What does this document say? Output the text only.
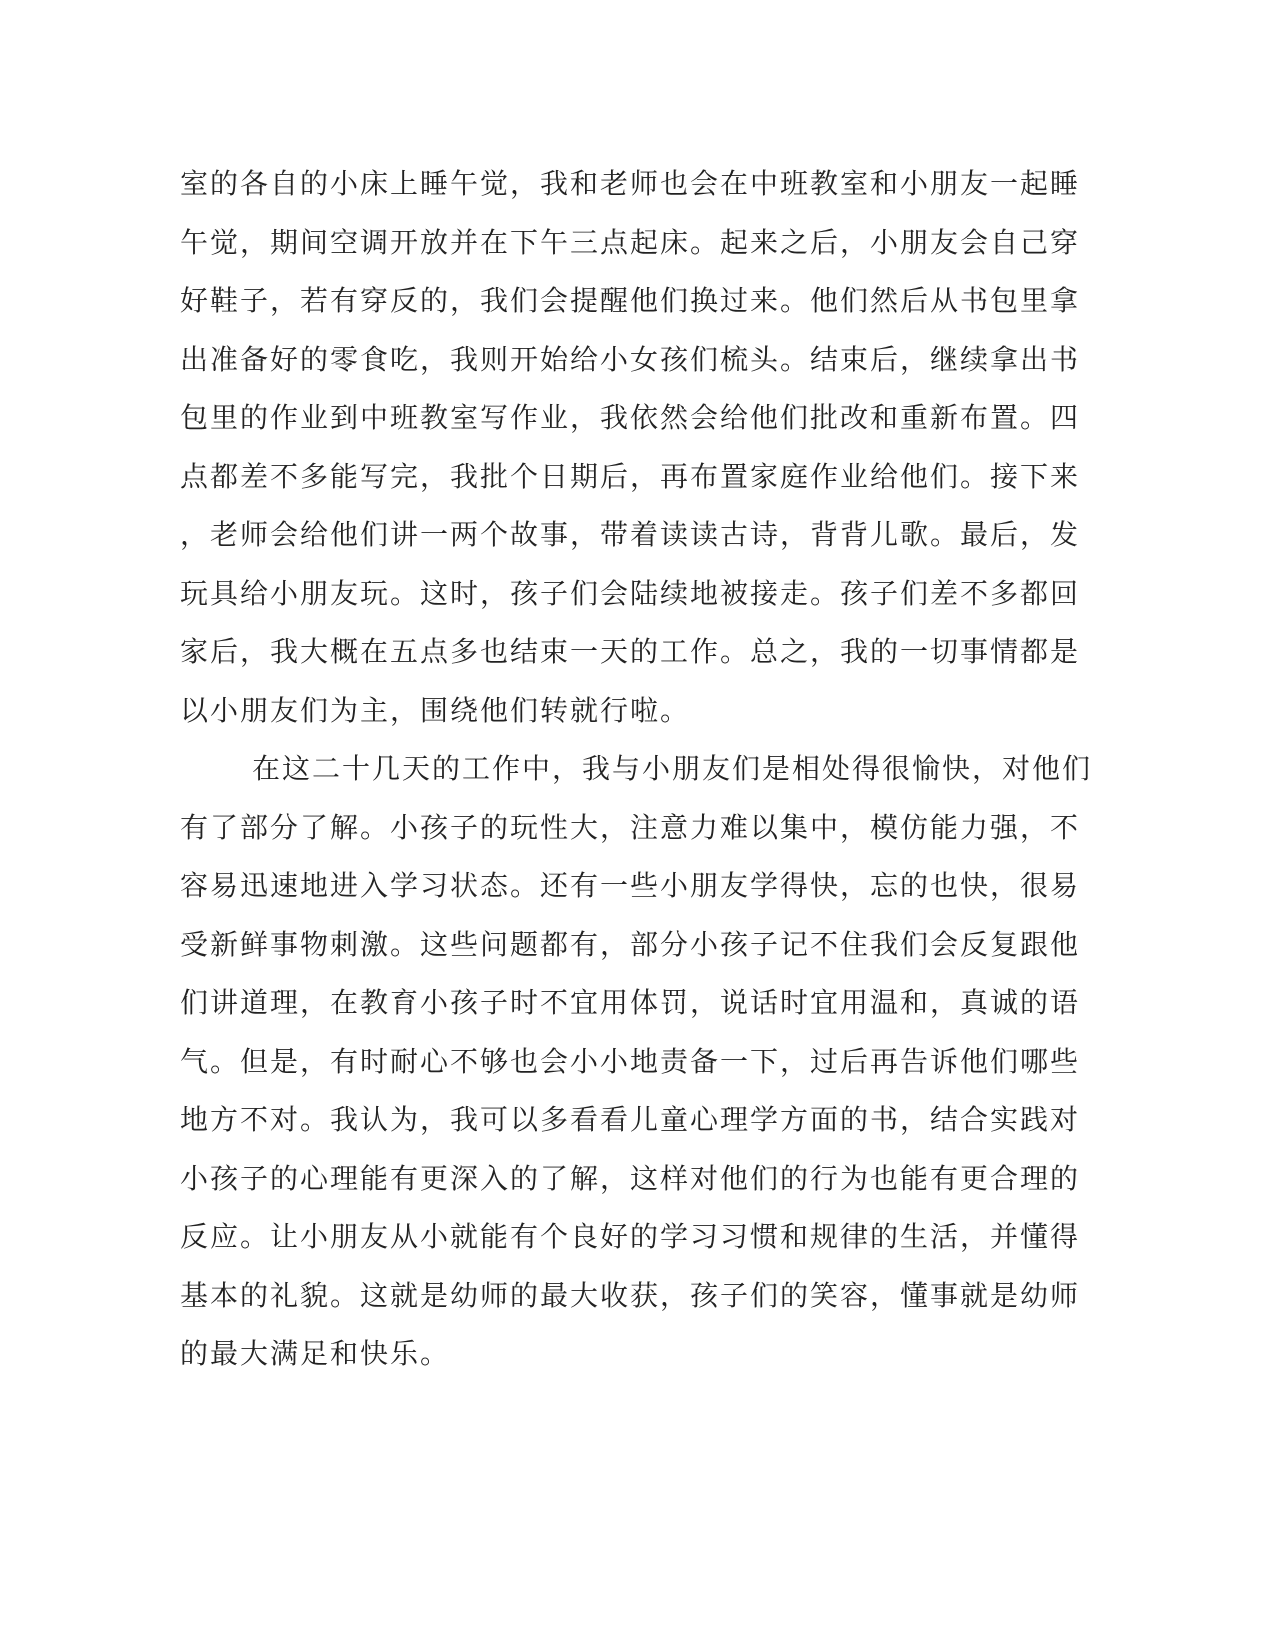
室的各自的小床上睡午觉，我和老师也会在中班教室和小朋友一起睡
午觉，期间空调开放并在下午三点起床。起来之后，小朋友会自己穿
好鞋子，若有穿反的，我们会提醒他们换过来。他们然后从书包里拿
出准备好的零食吃，我则开始给小女孩们梳头。结束后，继续拿出书
包里的作业到中班教室写作业，我依然会给他们批改和重新布置。四
点都差不多能写完，我批个日期后，再布置家庭作业给他们。接下来
，老师会给他们讲一两个故事，带着读读古诗，背背儿歌。最后，发
玩具给小朋友玩。这时，孩子们会陆续地被接走。孩子们差不多都回
家后，我大概在五点多也结束一天的工作。总之，我的一切事情都是
以小朋友们为主，围绕他们转就行啦。
在这二十几天的工作中，我与小朋友们是相处得很愉快，对他们
有了部分了解。小孩子的玩性大，注意力难以集中，模仿能力强，不
容易迅速地进入学习状态。还有一些小朋友学得快，忘的也快，很易
受新鲜事物刺激。这些问题都有，部分小孩子记不住我们会反复跟他
们讲道理，在教育小孩子时不宜用体罚，说话时宜用温和，真诚的语
气。但是，有时耐心不够也会小小地责备一下，过后再告诉他们哪些
地方不对。我认为，我可以多看看儿童心理学方面的书，结合实践对
小孩子的心理能有更深入的了解，这样对他们的行为也能有更合理的
反应。让小朋友从小就能有个良好的学习习惯和规律的生活，并懂得
基本的礼貌。这就是幼师的最大收获，孩子们的笑容，懂事就是幼师
的最大满足和快乐。
